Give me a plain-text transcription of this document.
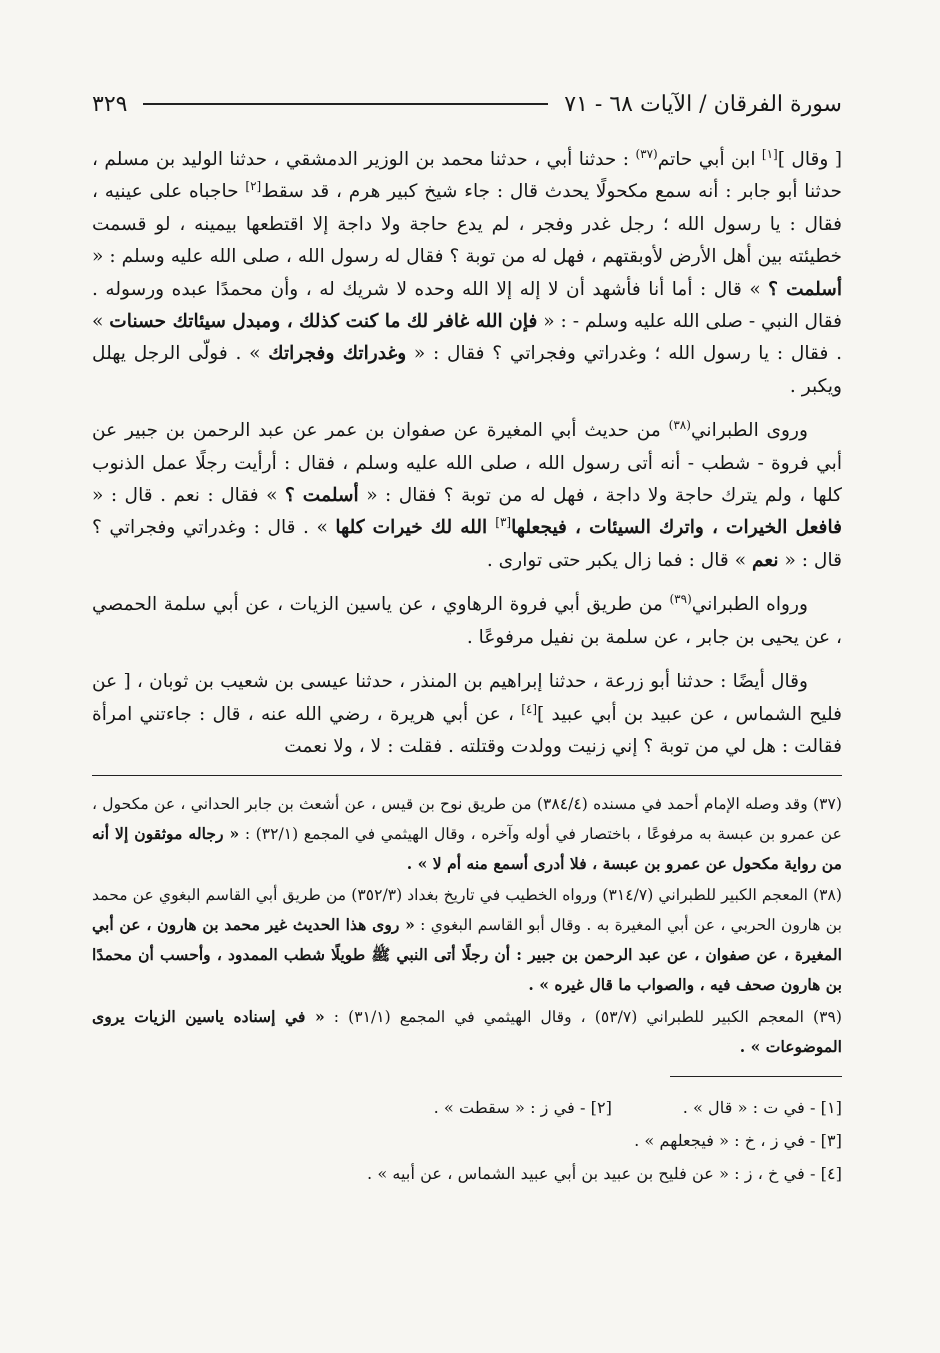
سورة الفرقان / الآيات ٦٨ - ٧١
٣٢٩

[ وقال ][١] ابن أبي حاتم$^{(٣٧)}$ : حدثنا أبي ، حدثنا محمد بن الوزير الدمشقي ، حدثنا الوليد بن مسلم ، حدثنا أبو جابر : أنه سمع مكحولًا يحدث قال : جاء شيخ كبير هرم ، قد سقط[٢] حاجباه على عينيه ، فقال : يا رسول الله ؛ رجل غدر وفجر ، لم يدع حاجة ولا داجة إلا اقتطعها بيمينه ، لو قسمت خطيئته بين أهل الأرض لأوبقتهم ، فهل له من توبة ؟ فقال له رسول الله ، صلى الله عليه وسلم : « أسلمت ؟ » قال : أما أنا فأشهد أن لا إله إلا الله وحده لا شريك له ، وأن محمدًا عبده ورسوله . فقال النبي - صلى الله عليه وسلم - : « فإن الله غافر لك ما كنت كذلك ، ومبدل سيئاتك حسنات » . فقال : يا رسول الله ؛ وغدراتي وفجراتي ؟ فقال : « وغدراتك وفجراتك » . فولّى الرجل يهلل ويكبر .

وروى الطبراني$^{(٣٨)}$ من حديث أبي المغيرة عن صفوان بن عمر عن عبد الرحمن بن جبير عن أبي فروة - شطب - أنه أتى رسول الله ، صلى الله عليه وسلم ، فقال : أرأيت رجلًا عمل الذنوب كلها ، ولم يترك حاجة ولا داجة ، فهل له من توبة ؟ فقال : « أسلمت ؟ » فقال : نعم . قال : « فافعل الخيرات ، واترك السيئات ، فيجعلها[٣] الله لك خيرات كلها » . قال : وغدراتي وفجراتي ؟ قال : « نعم » قال : فما زال يكبر حتى توارى .

ورواه الطبراني$^{(٣٩)}$ من طريق أبي فروة الرهاوي ، عن ياسين الزيات ، عن أبي سلمة الحمصي ، عن يحيى بن جابر ، عن سلمة بن نفيل مرفوعًا .

وقال أيضًا : حدثنا أبو زرعة ، حدثنا إبراهيم بن المنذر ، حدثنا عيسى بن شعيب بن ثوبان ، [ عن فليح الشماس ، عن عبيد بن أبي عبيد ][٤] ، عن أبي هريرة ، رضي الله عنه ، قال : جاءتني امرأة فقالت : هل لي من توبة ؟ إني زنيت وولدت وقتلته . فقلت : لا ، ولا نعمت

(٣٧) وقد وصله الإمام أحمد في مسنده (٣٨٤/٤) من طريق نوح بن قيس ، عن أشعث بن جابر الحداني ، عن مكحول ، عن عمرو بن عبسة به مرفوعًا ، باختصار في أوله وآخره ، وقال الهيثمي في المجمع (٣٢/١) : « رجاله موثقون إلا أنه من رواية مكحول عن عمرو بن عبسة ، فلا أدرى أسمع منه أم لا » .

(٣٨) المعجم الكبير للطبراني (٣١٤/٧) ورواه الخطيب في تاريخ بغداد (٣٥٢/٣) من طريق أبي القاسم البغوي عن محمد بن هارون الحربي ، عن أبي المغيرة به . وقال أبو القاسم البغوي : « روى هذا الحديث غير محمد بن هارون ، عن أبي المغيرة ، عن صفوان ، عن عبد الرحمن بن جبير : أن رجلًا أتى النبي ﷺ طويلًا شطب الممدود ، وأحسب أن محمدًا بن هارون صحف فيه ، والصواب ما قال غيره » .

(٣٩) المعجم الكبير للطبراني (٥٣/٧) ، وقال الهيثمي في المجمع (٣١/١) : « في إسناده ياسين الزيات يروى الموضوعات » .

[١] - في ت : « قال » .
[٢] - في ز : « سقطت » .
[٣] - في ز ، خ : « فيجعلهم » .
[٤] - في خ ، ز : « عن فليح بن عبيد بن أبي عبيد الشماس ، عن أبيه » .
